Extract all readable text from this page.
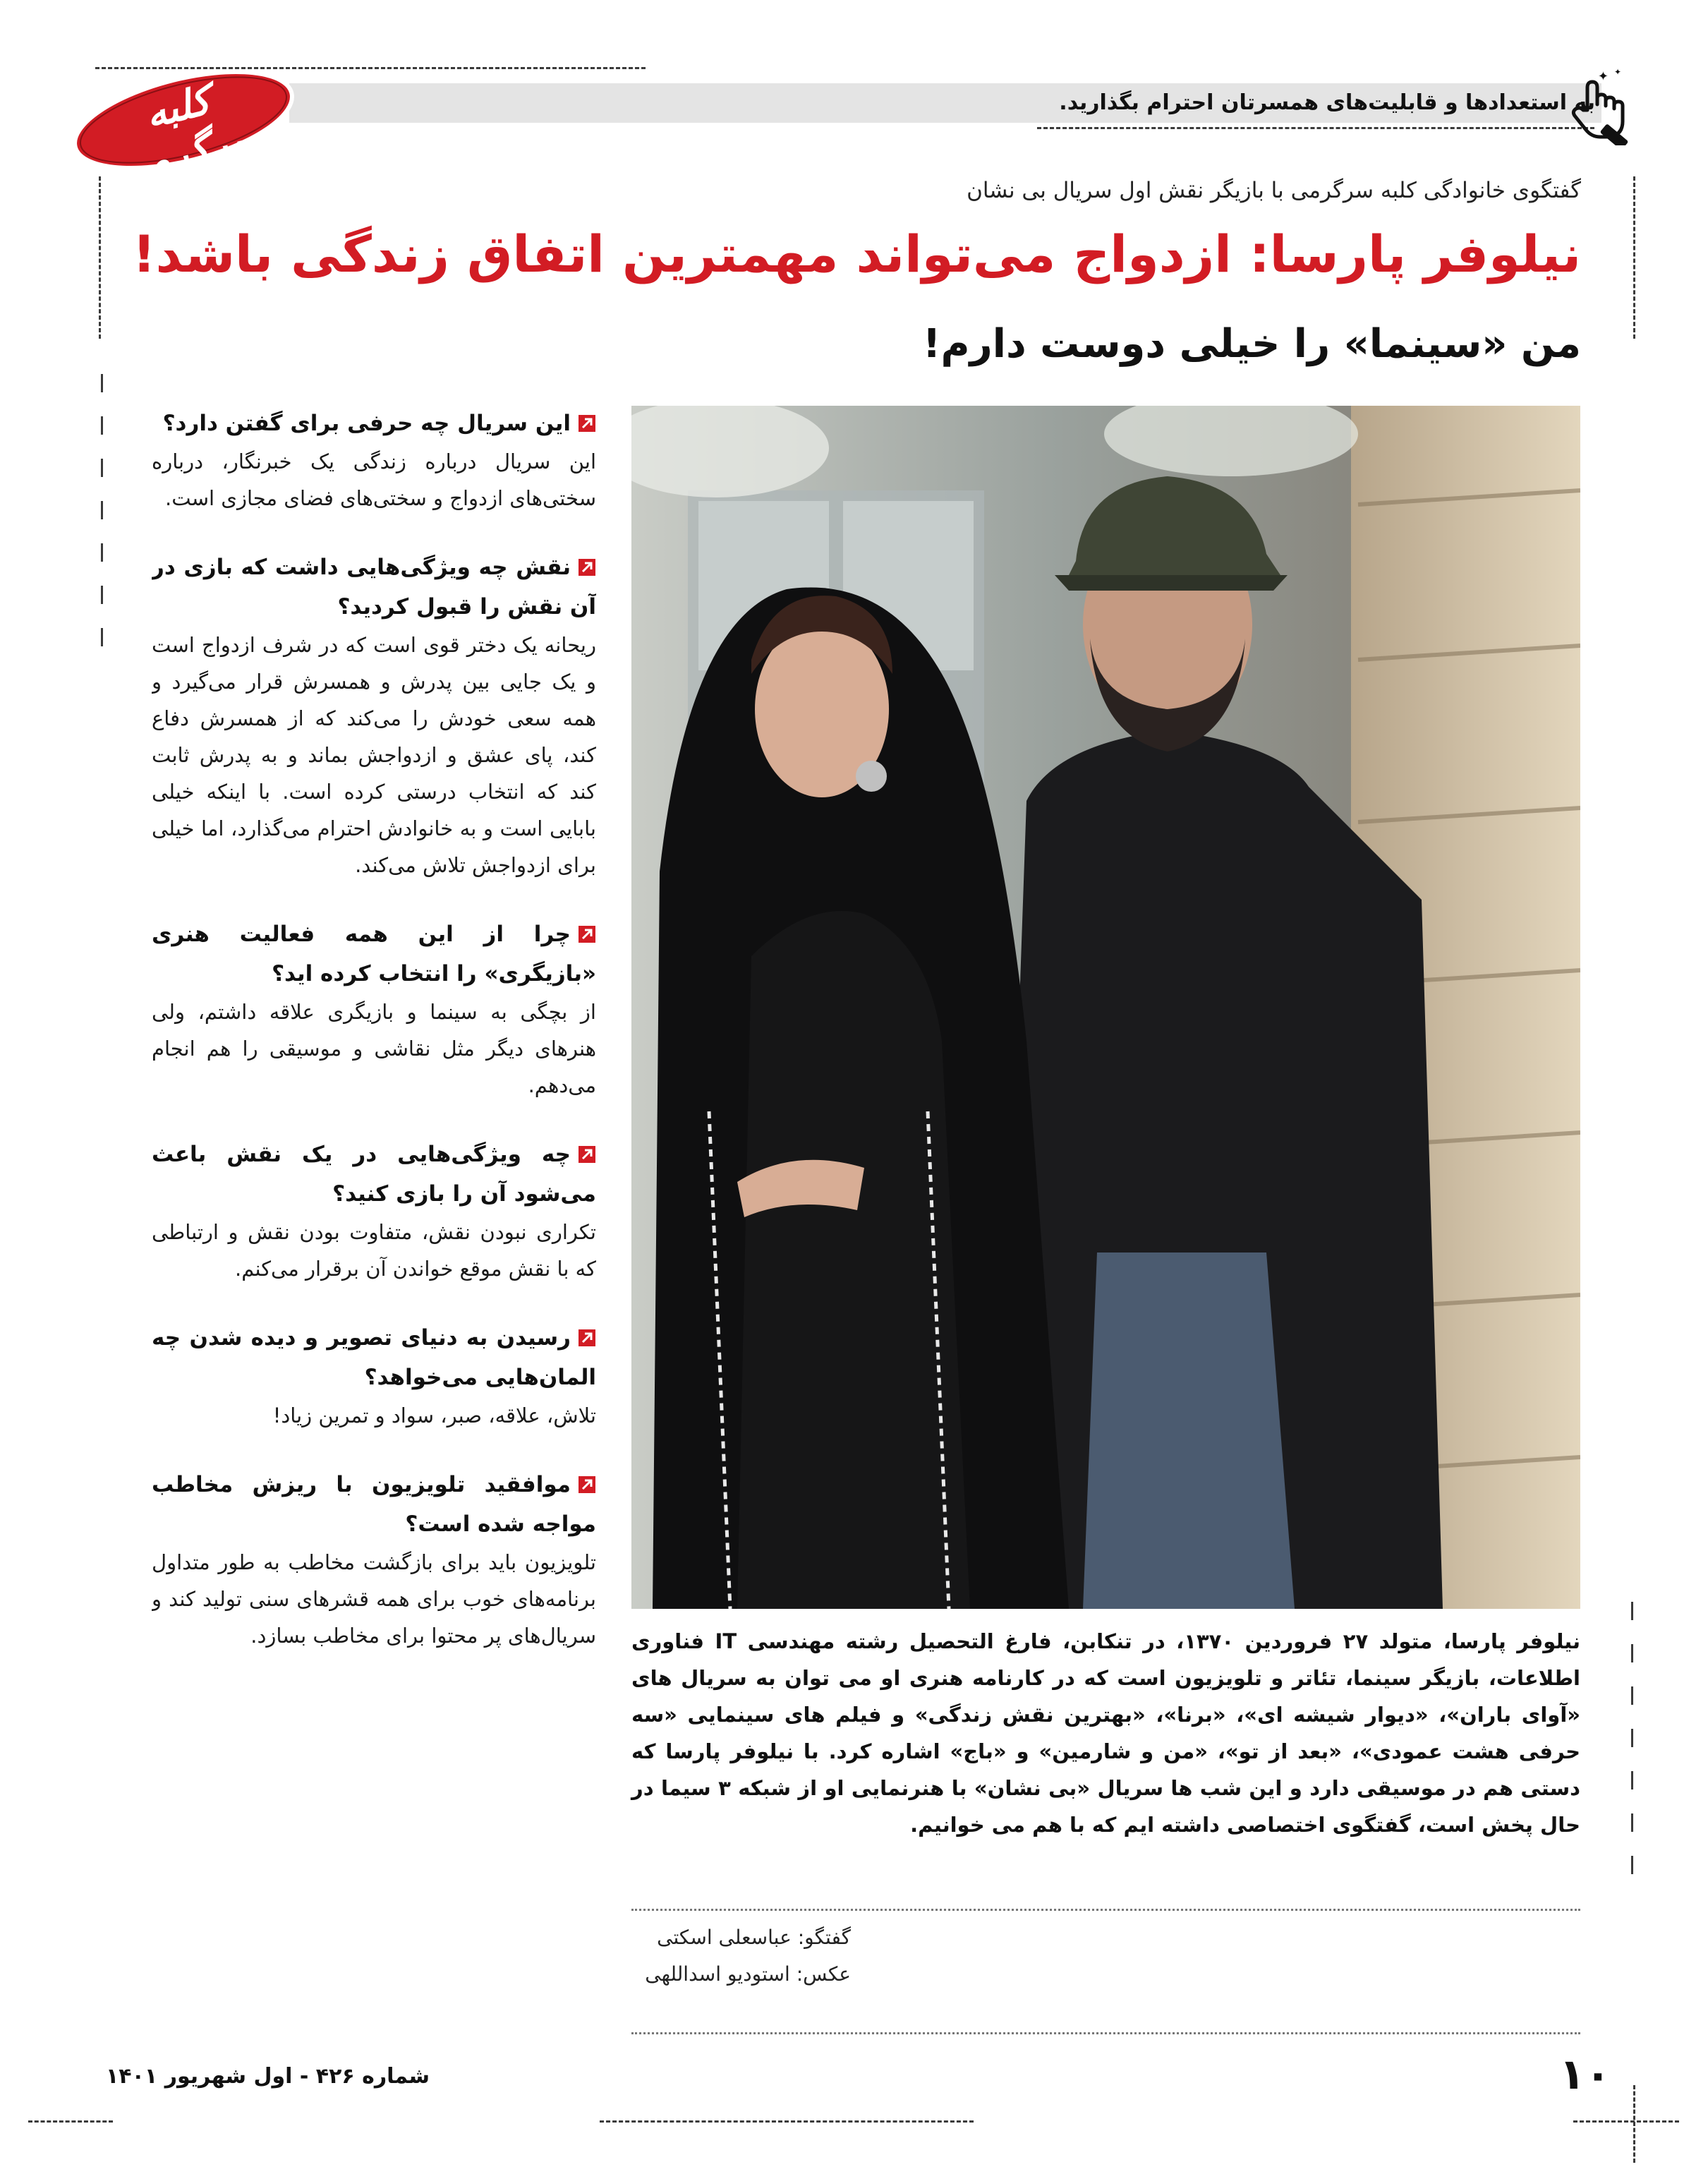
به استعدادها و قابلیت‌های همسرتان احترام بگذارید.
✦ ✦
کلبه سرگرمی	گفتگوی خانوادگی کلبه سرگرمی با بازیگر نقش اول سریال بی نشان
نیلوفر پارسا: ازدواج می‌تواند مهمترین اتفاق زندگی باشد!
من «سینما» را خیلی دوست دارم!
این سریال چه حرفی برای گفتن دارد؟
این سریال درباره زندگی یک خبرنگار، درباره سختی‌های ازدواج و سختی‌های فضای مجازی است.
نقش چه ویژگی‌هایی داشت که بازی در آن نقش را قبول کردید؟
ریحانه یک دختر قوی است که در شرف ازدواج است و یک جایی بین پدرش و همسرش قرار می‌گیرد و همه سعی خودش را می‌کند که از همسرش دفاع کند، پای عشق و ازدواجش بماند و به پدرش ثابت کند که انتخاب درستی کرده است. با اینکه خیلی بابایی است و به خانوادش احترام می‌گذارد، اما خیلی برای ازدواجش تلاش می‌کند.
چرا از این همه فعالیت هنری «بازیگری» را انتخاب کرده اید؟
از بچگی به سینما و بازیگری علاقه داشتم، ولی هنرهای دیگر مثل نقاشی و موسیقی را هم انجام می‌دهم.
چه ویژگی‌هایی در یک نقش باعث می‌شود آن را بازی کنید؟
تکراری نبودن نقش، متفاوت بودن نقش و ارتباطی که با نقش موقع خواندن آن برقرار می‌کنم.
رسیدن به دنیای تصویر و دیده شدن چه المان‌هایی می‌خواهد؟
تلاش، علاقه، صبر، سواد و تمرین زیاد!
موافقید تلویزیون با ریزش مخاطب مواجه شده است؟
تلویزیون باید برای بازگشت مخاطب به طور متداول برنامه‌های خوب برای همه قشرهای سنی تولید کند و سریال‌های پر محتوا برای مخاطب بسازد. نیلوفر پارسا، متولد ۲۷ فروردین ۱۳۷۰، در تنکابن، فارغ التحصیل رشته مهندسی IT فناوری اطلاعات، بازیگر سینما، تئاتر و تلویزیون است که در کارنامه هنری او می توان به سریال های «آوای باران»، «دیوار شیشه ای»، «برنا»، «بهترین نقش زندگی» و فیلم های سینمایی «سه حرفی هشت عمودی»، «بعد از تو»، «من و شارمین» و «باج» اشاره کرد. با نیلوفر پارسا که دستی هم در موسیقی دارد و این شب ها سریال «بی نشان» با هنرنمایی او از شبکه ۳ سیما در حال پخش است، گفتگوی اختصاصی داشته ایم که با هم می خوانیم.
گفتگو: عباسعلی اسکتی
عکس: استودیو اسداللهی
شماره ۴۲۶ - اول شهریور ۱۴۰۱	۱۰
